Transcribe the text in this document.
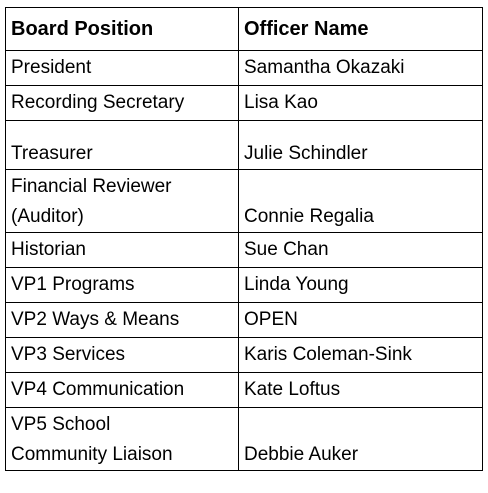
Board Position	Officer Name
President	Samantha Okazaki
Recording Secretary	Lisa Kao
Treasurer	Julie Schindler

Financial Reviewer
(Auditor)	Connie Regalia
Historian	Sue Chan
VP1 Programs	Linda Young
VP2 Ways & Means	OPEN
VP3 Services	Karis Coleman-Sink
VP4 Communication	Kate Loftus

VP5 School
Community Liaison	Debbie Auker
